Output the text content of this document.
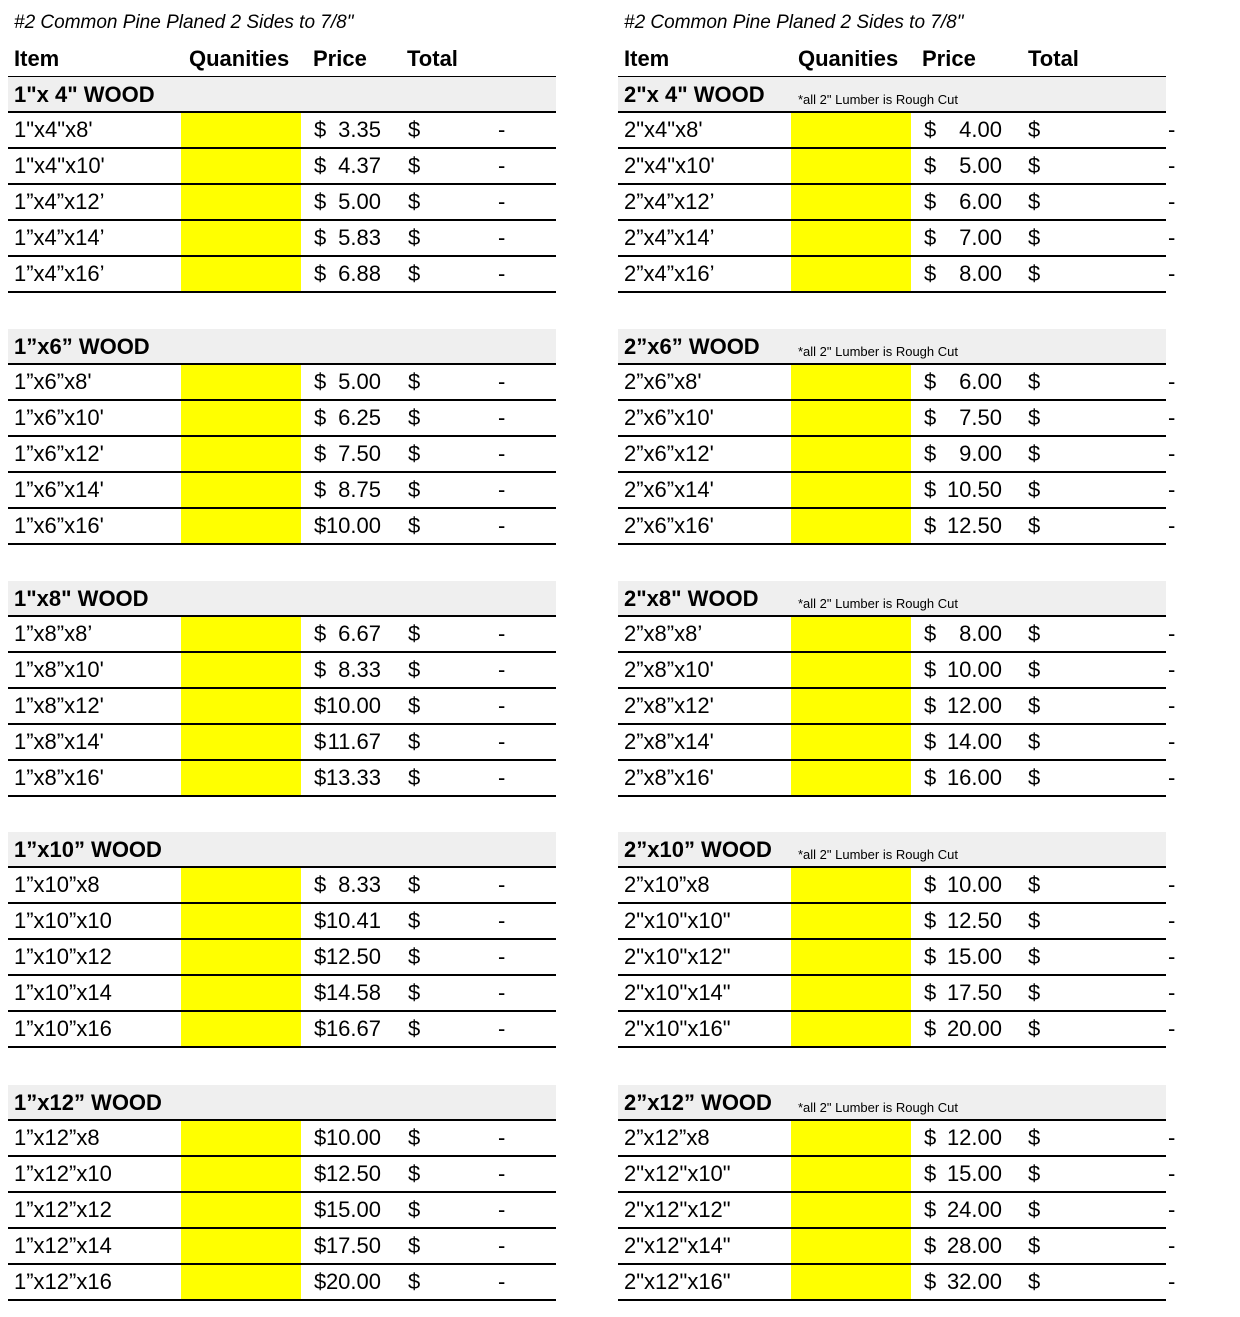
#2 Common Pine Planed 2 Sides to 7/8"
Item	Quanities Price Total
1"x 4" WOOD
1"x4"x8'	$ 3.35 $	-
1"x4"x10'	$ 4.37 $	-
1”x4”x12’	$ 5.00 $	-
1”x4”x14’	$ 5.83 $	-
1”x4”x16’	$ 6.88 $	-
1”x6” WOOD
1”x6”x8'	$ 5.00 $	-
1”x6”x10'	$ 6.25 $	-
1”x6”x12'	$ 7.50 $	-
1”x6”x14'	$ 8.75 $	-
1”x6”x16'	$ 10.00 $	-
1"x8" WOOD
1”x8”x8’	$ 6.67 $	-
1”x8”x10'	$ 8.33 $	-
1”x8”x12'	$ 10.00 $	-
1”x8”x14'	$ 11.67 $	-
1”x8”x16'	$ 13.33 $	-
1”x10” WOOD
1”x10”x8	$ 8.33 $	-
1”x10”x10	$ 10.41 $	-
1”x10”x12	$ 12.50 $	-
1”x10”x14	$ 14.58 $	-
1”x10”x16	$ 16.67 $	-
1”x12” WOOD
1”x12”x8	$ 10.00 $	-
1”x12”x10	$ 12.50 $	-
1”x12”x12	$ 15.00 $	-
1”x12”x14	$ 17.50 $	-
1”x12”x16	$ 20.00 $	-
#2 Common Pine Planed 2 Sides to 7/8"
Item	Quanities Price Total
2"x 4" WOOD	*all 2" Lumber is Rough Cut
2"x4"x8'	$	4.00 $	-
2"x4"x10'	$	5.00 $	-
2”x4”x12’	$	6.00 $	-
2”x4”x14’	$	7.00 $	-
2”x4”x16’	$	8.00 $	-
2”x6” WOOD	*all 2" Lumber is Rough Cut
2”x6”x8'	$	6.00 $	-
2”x6”x10'	$	7.50 $	-
2”x6”x12'	$	9.00 $	-
2”x6”x14'	$ 10.50 $	-
2”x6”x16'	$ 12.50 $	-
2"x8" WOOD	*all 2" Lumber is Rough Cut
2”x8”x8’	$	8.00 $	-
2”x8”x10'	$ 10.00 $	-
2”x8”x12'	$ 12.00 $	-
2”x8”x14'	$ 14.00 $	-
2”x8”x16'	$ 16.00 $	-
2”x10” WOOD *all 2" Lumber is Rough Cut
2”x10”x8	$ 10.00 $	-
2"x10"x10"	$ 12.50 $	-
2"x10"x12"	$ 15.00 $	-
2"x10"x14"	$ 17.50 $	-
2"x10"x16"	$ 20.00 $	-
2”x12” WOOD *all 2" Lumber is Rough Cut
2”x12”x8	$ 12.00 $	-
2"x12"x10"	$ 15.00 $	-
2"x12"x12"	$ 24.00 $	-
2"x12"x14"	$ 28.00 $	-
2"x12"x16"	$ 32.00 $	-
